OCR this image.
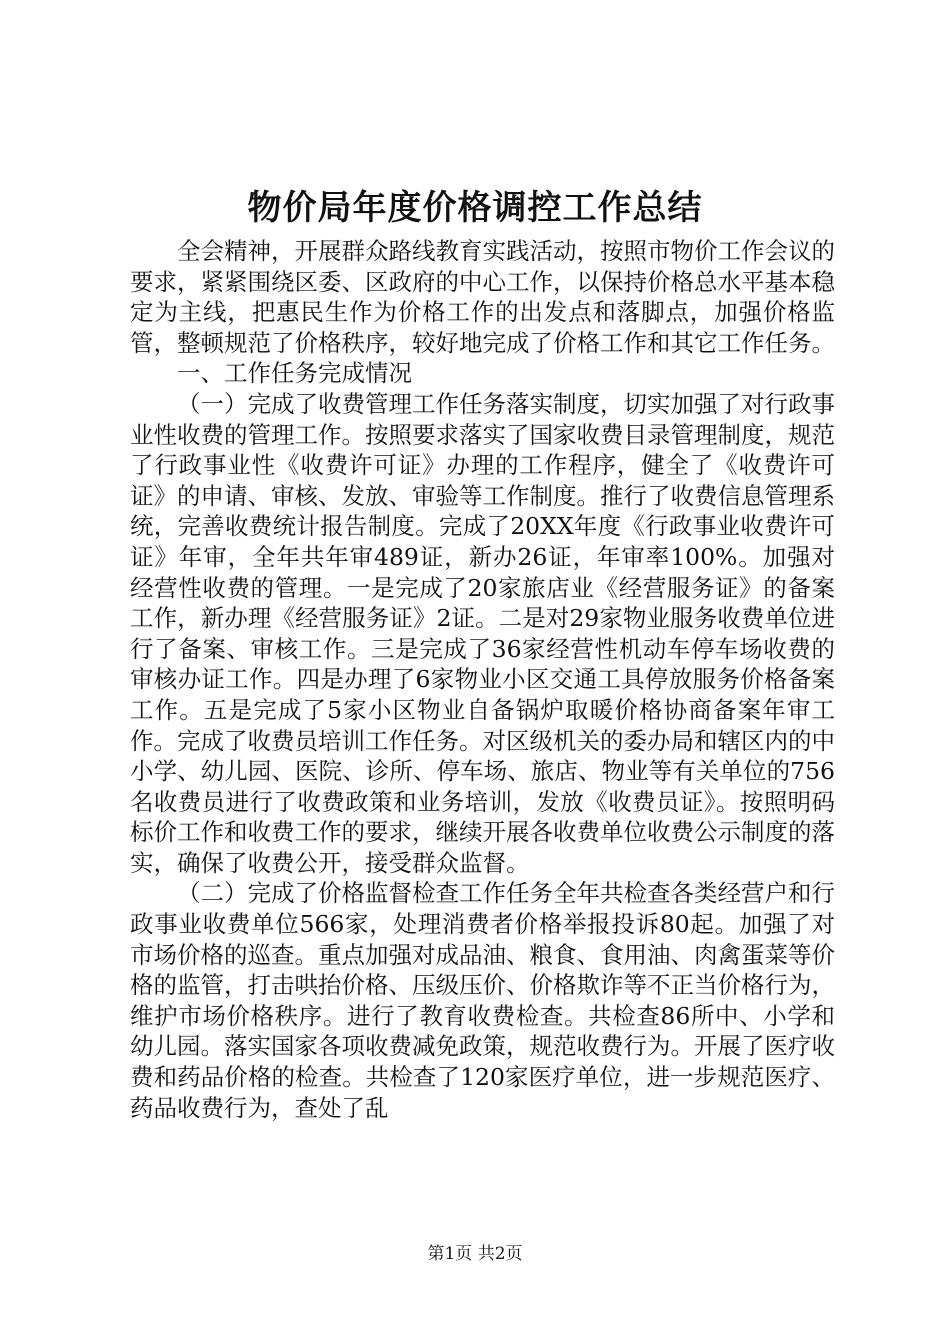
物价局年度价格调控工作总结

全会精神，开展群众路线教育实践活动，按照市物价工作会议的要求，紧紧围绕区委、区政府的中心工作，以保持价格总水平基本稳定为主线，把惠民生作为价格工作的出发点和落脚点，加强价格监管，整顿规范了价格秩序，较好地完成了价格工作和其它工作任务。

一、工作任务完成情况

（一）完成了收费管理工作任务落实制度，切实加强了对行政事业性收费的管理工作。按照要求落实了国家收费目录管理制度，规范了行政事业性《收费许可证》办理的工作程序，健全了《收费许可证》的申请、审核、发放、审验等工作制度。推行了收费信息管理系统，完善收费统计报告制度。完成了20XX年度《行政事业收费许可证》年审，全年共年审489证，新办26证，年审率100%。加强对经营性收费的管理。一是完成了20家旅店业《经营服务证》的备案工作，新办理《经营服务证》2证。二是对29家物业服务收费单位进行了备案、审核工作。三是完成了36家经营性机动车停车场收费的审核办证工作。四是办理了6家物业小区交通工具停放服务价格备案工作。五是完成了5家小区物业自备锅炉取暖价格协商备案年审工作。完成了收费员培训工作任务。对区级机关的委办局和辖区内的中小学、幼儿园、医院、诊所、停车场、旅店、物业等有关单位的756名收费员进行了收费政策和业务培训，发放《收费员证》。按照明码标价工作和收费工作的要求，继续开展各收费单位收费公示制度的落实，确保了收费公开，接受群众监督。

（二）完成了价格监督检查工作任务全年共检查各类经营户和行政事业收费单位566家，处理消费者价格举报投诉80起。加强了对市场价格的巡查。重点加强对成品油、粮食、食用油、肉禽蛋菜等价格的监管，打击哄抬价格、压级压价、价格欺诈等不正当价格行为，维护市场价格秩序。进行了教育收费检查。共检查86所中、小学和幼儿园。落实国家各项收费减免政策，规范收费行为。开展了医疗收费和药品价格的检查。共检查了120家医疗单位，进一步规范医疗、药品收费行为，查处了乱

第1页 共2页
